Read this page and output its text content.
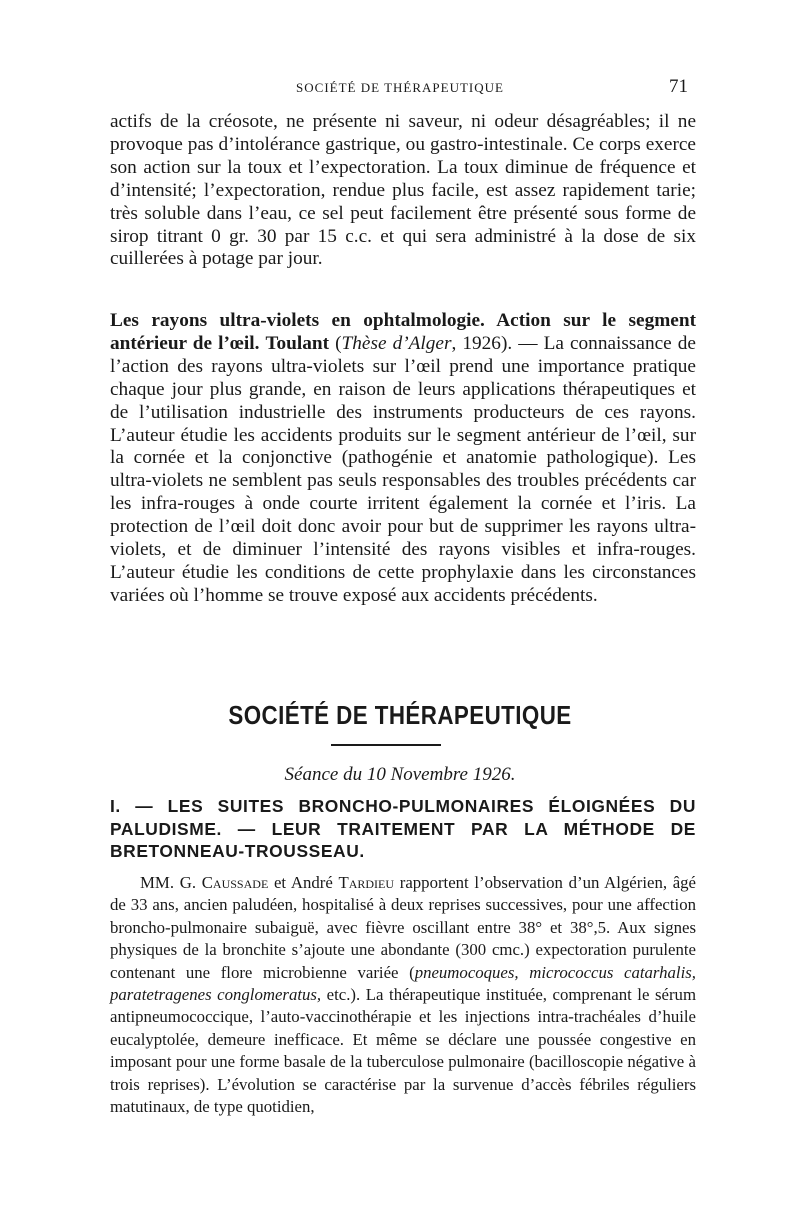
SOCIÉTÉ DE THÉRAPEUTIQUE	71

actifs de la créosote, ne présente ni saveur, ni odeur désagréables; il ne provoque pas d’intolérance gastrique, ou gastro-intestinale. Ce corps exerce son action sur la toux et l’expectoration. La toux diminue de fréquence et d’intensité; l’expectoration, rendue plus facile, est assez rapidement tarie; très soluble dans l’eau, ce sel peut facilement être présenté sous forme de sirop titrant 0 gr. 30 par 15 c.c. et qui sera administré à la dose de six cuillerées à potage par jour.

Les rayons ultra-violets en ophtalmologie. Action sur le segment antérieur de l’œil. Toulant (Thèse d’Alger, 1926). — La connaissance de l’action des rayons ultra-violets sur l’œil prend une importance pratique chaque jour plus grande, en raison de leurs applications thérapeutiques et de l’utilisation industrielle des instruments producteurs de ces rayons. L’auteur étudie les accidents produits sur le segment antérieur de l’œil, sur la cornée et la conjonctive (pathogénie et anatomie pathologique). Les ultra-violets ne semblent pas seuls responsables des troubles précédents car les infra-rouges à onde courte irritent également la cornée et l’iris. La protection de l’œil doit donc avoir pour but de supprimer les rayons ultra-violets, et de diminuer l’intensité des rayons visibles et infra-rouges. L’auteur étudie les conditions de cette prophylaxie dans les circonstances variées où l’homme se trouve exposé aux accidents précédents.

SOCIÉTÉ DE THÉRAPEUTIQUE
Séance du 10 Novembre 1926.
I. — LES SUITES BRONCHO-PULMONAIRES ÉLOIGNÉES DU PALUDISME. — LEUR TRAITEMENT PAR LA MÉTHODE DE BRETONNEAU-TROUSSEAU.

MM. G. Caussade et André Tardieu rapportent l’observation d’un Algérien, âgé de 33 ans, ancien paludéen, hospitalisé à deux reprises successives, pour une affection broncho-pulmonaire subaiguë, avec fièvre oscillant entre 38° et 38°,5. Aux signes physiques de la bronchite s’ajoute une abondante (300 cmc.) expectoration purulente contenant une flore microbienne variée (pneumocoques, micrococcus catarhalis, paratetragenes conglomeratus, etc.). La thérapeutique instituée, comprenant le sérum antipneumococcique, l’auto-vaccinothérapie et les injections intra-trachéales d’huile eucalyptolée, demeure inefficace. Et même se déclare une poussée congestive en imposant pour une forme basale de la tuberculose pulmonaire (bacilloscopie négative à trois reprises). L’évolution se caractérise par la survenue d’accès fébriles réguliers matutinaux, de type quotidien,
